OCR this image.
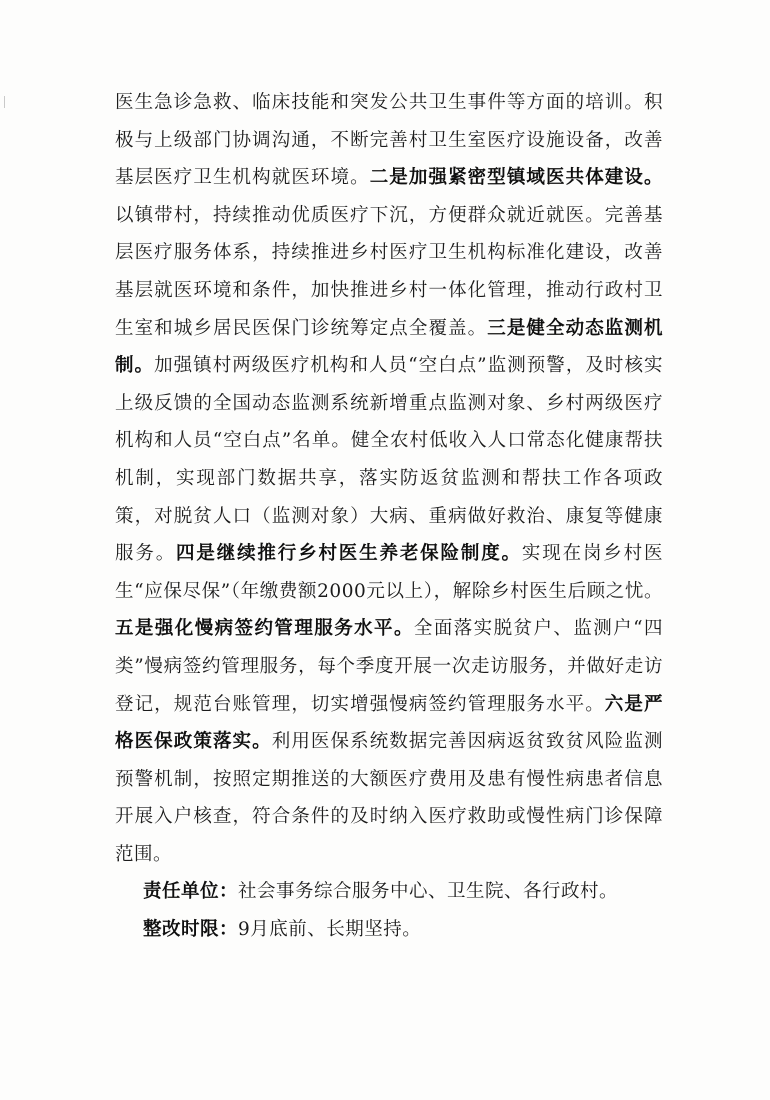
医生急诊急救、临床技能和突发公共卫生事件等方面的培训。积极与上级部门协调沟通，不断完善村卫生室医疗设施设备，改善基层医疗卫生机构就医环境。二是加强紧密型镇域医共体建设。以镇带村，持续推动优质医疗下沉，方便群众就近就医。完善基层医疗服务体系，持续推进乡村医疗卫生机构标准化建设，改善基层就医环境和条件，加快推进乡村一体化管理，推动行政村卫生室和城乡居民医保门诊统筹定点全覆盖。三是健全动态监测机制。加强镇村两级医疗机构和人员“空白点”监测预警，及时核实上级反馈的全国动态监测系统新增重点监测对象、乡村两级医疗机构和人员“空白点”名单。健全农村低收入人口常态化健康帮扶机制，实现部门数据共享，落实防返贫监测和帮扶工作各项政策，对脱贫人口（监测对象）大病、重病做好救治、康复等健康服务。四是继续推行乡村医生养老保险制度。实现在岗乡村医生“应保尽保”（年缴费额2000元以上），解除乡村医生后顾之忧。五是强化慢病签约管理服务水平。全面落实脱贫户、监测户“四类”慢病签约管理服务，每个季度开展一次走访服务，并做好走访登记，规范台账管理，切实增强慢病签约管理服务水平。六是严格医保政策落实。利用医保系统数据完善因病返贫致贫风险监测预警机制，按照定期推送的大额医疗费用及患有慢性病患者信息开展入户核查，符合条件的及时纳入医疗救助或慢性病门诊保障范围。

责任单位：社会事务综合服务中心、卫生院、各行政村。

整改时限：9月底前、长期坚持。
